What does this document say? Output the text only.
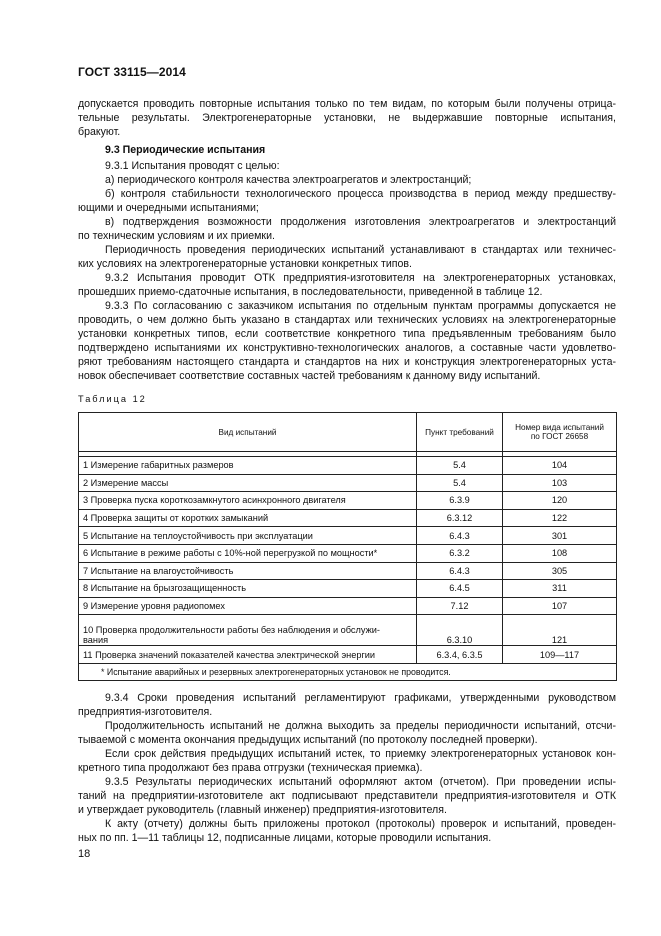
ГОСТ 33115—2014
допускается проводить повторные испытания только по тем видам, по которым были получены отрица-
тельные результаты. Электрогенераторные установки, не выдержавшие повторные испытания,
бракуют.
9.3 Периодические испытания
9.3.1 Испытания проводят с целью:
а) периодического контроля качества электроагрегатов и электростанций;
б) контроля стабильности технологического процесса производства в период между предшеству-
ющими и очередными испытаниями;
в) подтверждения возможности продолжения изготовления электроагрегатов и электростанций
по техническим условиям и их приемки.
Периодичность проведения периодических испытаний устанавливают в стандартах или техничес-
ких условиях на электрогенераторные установки конкретных типов.
9.3.2 Испытания проводит ОТК предприятия-изготовителя на электрогенераторных установках,
прошедших приемо-сдаточные испытания, в последовательности, приведенной в таблице 12.
9.3.3 По согласованию с заказчиком испытания по отдельным пунктам программы допускается не
проводить, о чем должно быть указано в стандартах или технических условиях на электрогенераторные
установки конкретных типов, если соответствие конкретного типа предъявленным требованиям было
подтверждено испытаниями их конструктивно-технологических аналогов, а составные части удовлетво-
ряют требованиям настоящего стандарта и стандартов на них и конструкция электрогенераторных уста-
новок обеспечивает соответствие составных частей требованиям к данному виду испытаний.
Таблица 12
Вид испытаний	Пункт требований	Номер вида испытаний
по ГОСТ 26658

1 Измерение габаритных размеров	5.4	104
2 Измерение массы	5.4	103
3 Проверка пуска короткозамкнутого асинхронного двигателя	6.3.9	120
4 Проверка защиты от коротких замыканий	6.3.12	122
5 Испытание на теплоустойчивость при эксплуатации	6.4.3	301
6 Испытание в режиме работы с 10%-ной перегрузкой по мощности*	6.3.2	108
7 Испытание на влагоустойчивость	6.4.3	305
8 Испытание на брызгозащищенность	6.4.5	311
9 Измерение уровня радиопомех	7.12	107
10 Проверка продолжительности работы без наблюдения и обслужи-
вания	6.3.10	121
11 Проверка значений показателей качества электрической энергии	6.3.4, 6.3.5	109—117
* Испытание аварийных и резервных электрогенераторных установок не проводится.		
9.3.4 Сроки проведения испытаний регламентируют графиками, утвержденными руководством
предприятия-изготовителя.
Продолжительность испытаний не должна выходить за пределы периодичности испытаний, отсчи-
тываемой с момента окончания предыдущих испытаний (по протоколу последней проверки).
Если срок действия предыдущих испытаний истек, то приемку электрогенераторных установок кон-
кретного типа продолжают без права отгрузки (техническая приемка).
9.3.5 Результаты периодических испытаний оформляют актом (отчетом). При проведении испы-
таний на предприятии-изготовителе акт подписывают представители предприятия-изготовителя и ОТК
и утверждает руководитель (главный инженер) предприятия-изготовителя.
К акту (отчету) должны быть приложены протокол (протоколы) проверок и испытаний, проведен-
ных по пп. 1—11 таблицы 12, подписанные лицами, которые проводили испытания.
18
